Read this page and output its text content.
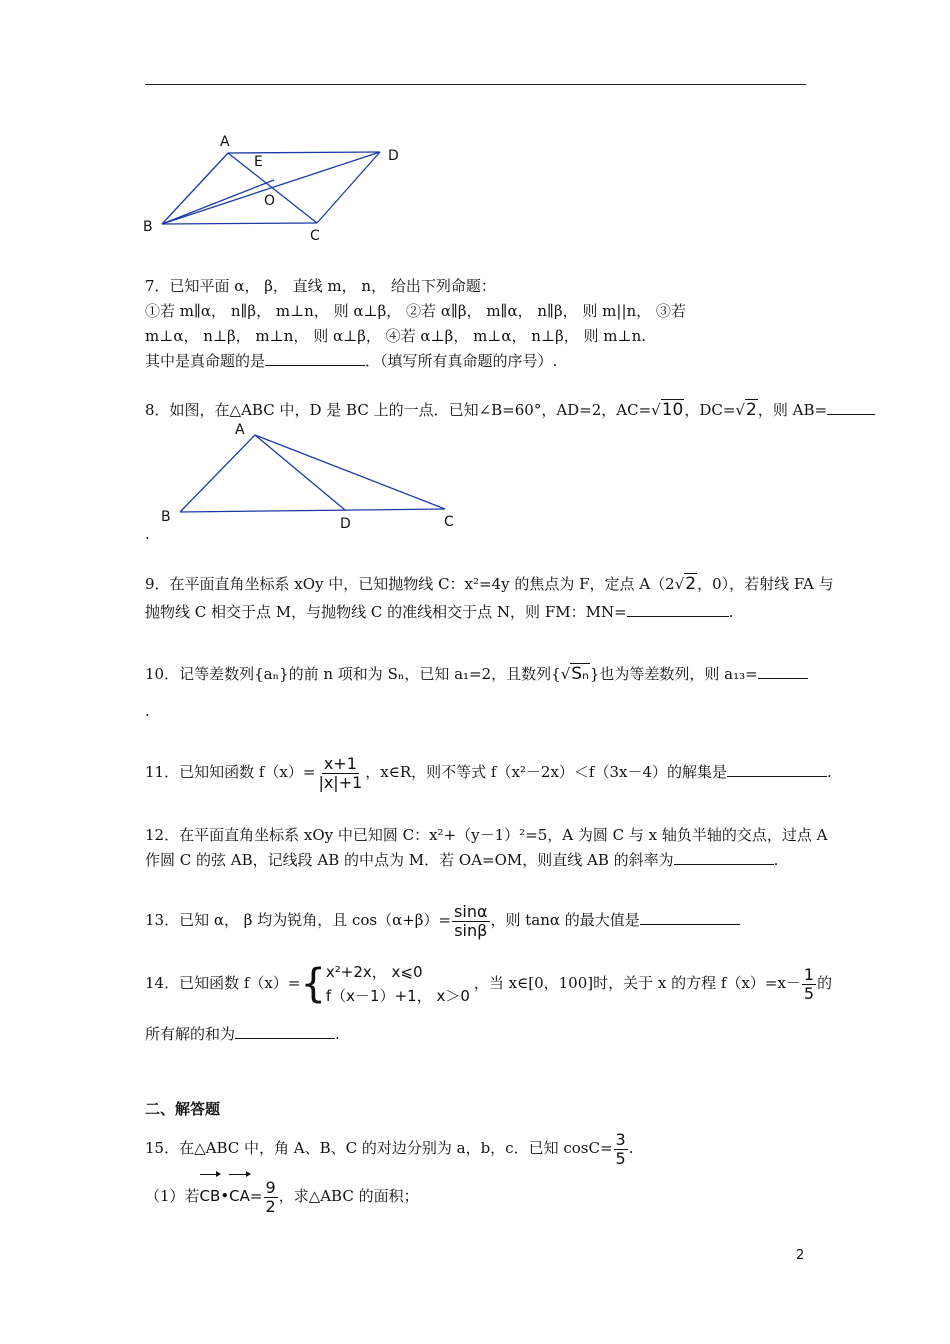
A
B
C
D
E
O
7．已知平面 α， β， 直线 m， n， 给出下列命题：
①若 m∥α， n∥β， m⊥n， 则 α⊥β， ②若 α∥β， m∥α， n∥β， 则 m||n， ③若
m⊥α， n⊥β， m⊥n， 则 α⊥β， ④若 α⊥β， m⊥α， n⊥β， 则 m⊥n.
其中是真命题的是	．（填写所有真命题的序号）.
8．如图，在△ABC 中，D 是 BC 上的一点．已知∠B=60°，AD=2，AC=√10，DC=√2，则 AB=
A
B	D	C
.
9．在平面直角坐标系 xOy 中，已知抛物线 C：x²=4y 的焦点为 F，定点 A（2√2，0），若射线 FA 与
抛物线 C 相交于点 M，与抛物线 C 的准线相交于点 N，则 FM：MN=	.
10．记等差数列{aₙ}的前 n 项和为 Sₙ，已知 a₁=2，且数列{√Sₙ}也为等差数列，则 a₁₃=
.
11．已知知函数 $f(x)= \frac{x+1}{|x|+1}$ ，x∈R，则不等式 f（x²－2x）＜f（3x－4）的解集是	.
12．在平面直角坐标系 xOy 中已知圆 C：x²+（y－1）²=5，A 为圆 C 与 x 轴负半轴的交点，过点 A
作圆 C 的弦 AB，记线段 AB 的中点为 M．若 OA=OM，则直线 AB 的斜率为	.
13．已知 α， β 均为锐角，且 $\cos(\alpha+\beta)= \frac{\sin\alpha}{\sin\beta}$ ，则 tanα 的最大值是
14．已知函数 f（x）={ x²+2x， x⩽0
f（x－1）+1， x＞0
，当 x∈[0，100]时，关于 x 的方程 $f(x)=x- \frac{1}{5}$ 的
所有解的和为	.
二、解答题
15．在△ABC 中，角 A、B、C 的对边分别为 a，b，c．已知 $\cos C= \frac{3}{5}$ .
（1）若CB•CA= $\frac{9}{2}$ ，求△ABC 的面积；
2
